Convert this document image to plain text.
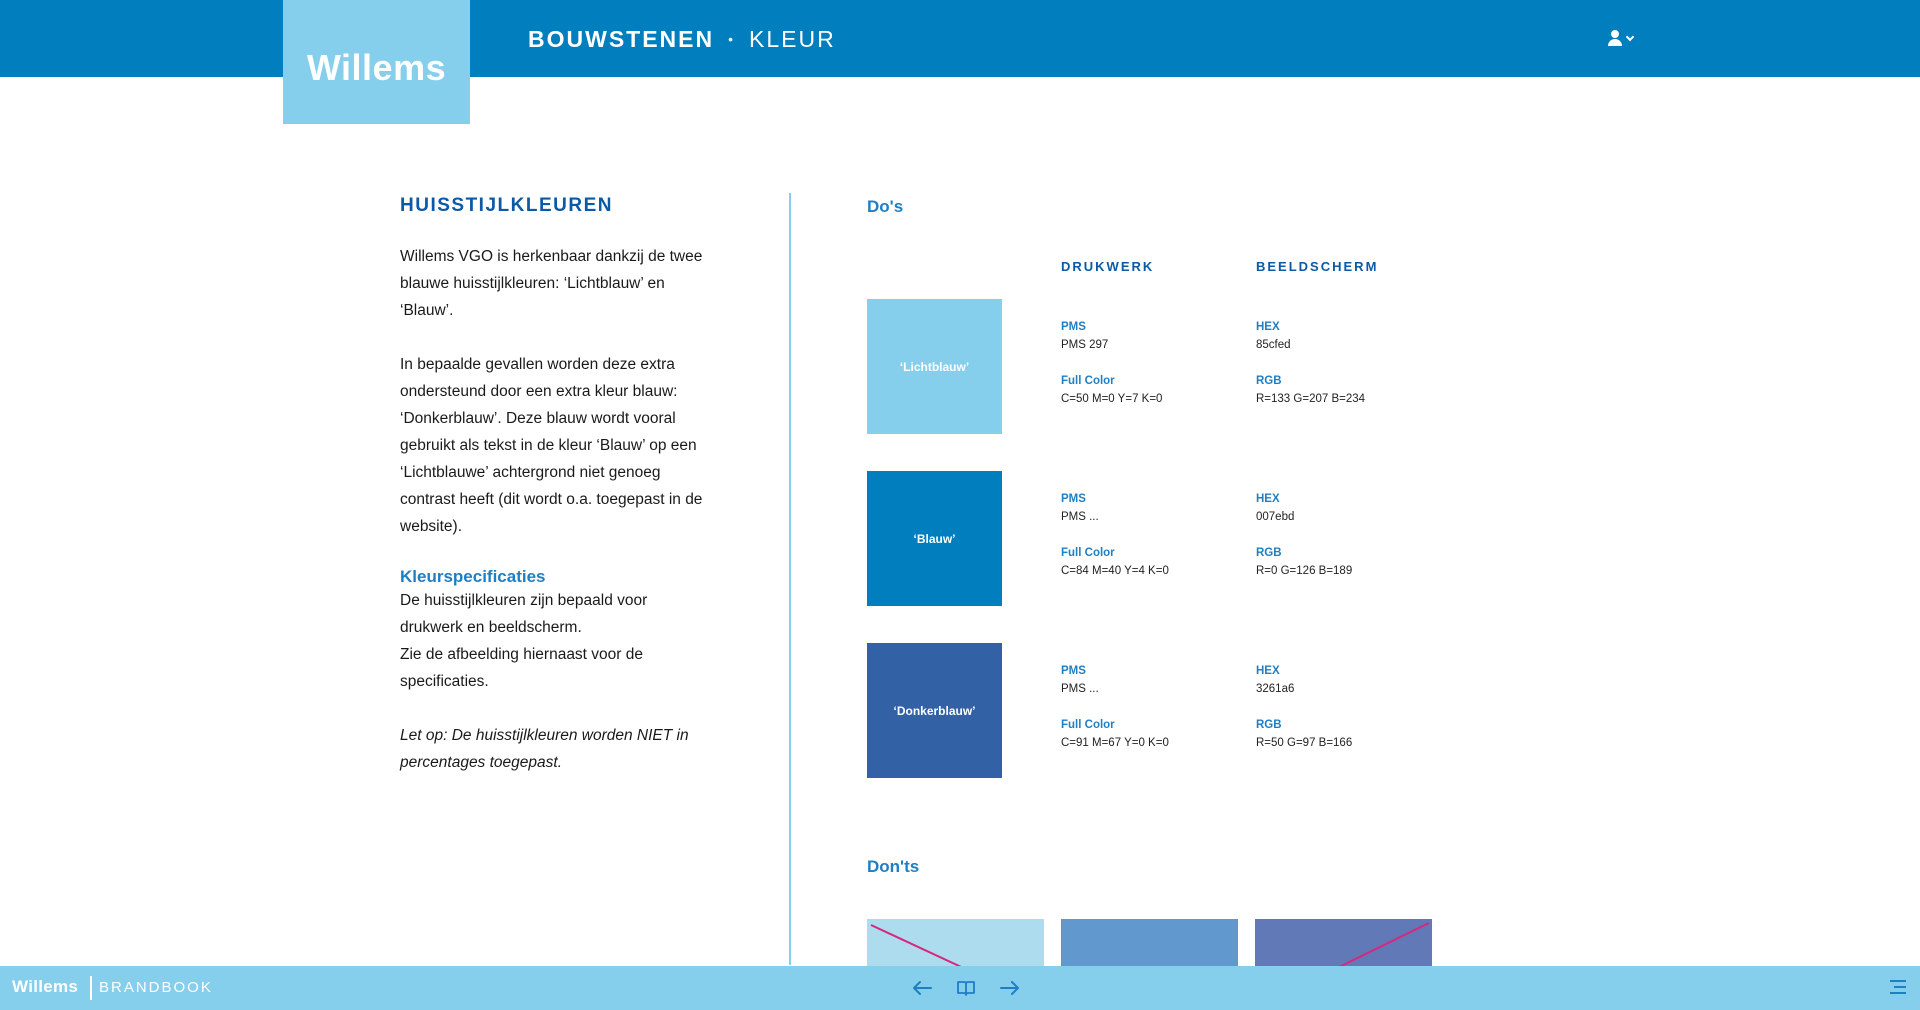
BOUWSTENEN • KLEUR
Willems
HUISSTIJLKLEUREN

Willems VGO is herkenbaar dankzij de twee blauwe huisstijlkleuren: ‘Lichtblauw’ en ‘Blauw’.

In bepaalde gevallen worden deze extra ondersteund door een extra kleur blauw: ‘Donkerblauw’. Deze blauw wordt vooral gebruikt als tekst in de kleur ‘Blauw’ op een ‘Lichtblauwe’ achtergrond niet genoeg contrast heeft (dit wordt o.a. toegepast in de website).

Kleurspecificaties

De huisstijlkleuren zijn bepaald voor drukwerk en beeldscherm.

Zie de afbeelding hiernaast voor de specificaties.

Let op: De huisstijlkleuren worden NIET in percentages toegepast.

Do's
DRUKWERK	BEELDSCHERM
‘Lichtblauw’
PMS
PMS 297
Full Color
C=50 M=0 Y=7 K=0
HEX
85cfed
RGB
R=133 G=207 B=234
‘Blauw’
PMS
PMS ...
Full Color
C=84 M=40 Y=4 K=0
HEX
007ebd
RGB
R=0 G=126 B=189
‘Donkerblauw’
PMS
PMS ...
Full Color
C=91 M=67 Y=0 K=0
HEX
3261a6
RGB
R=50 G=97 B=166
Don'ts
Willems BRANDBOOK
